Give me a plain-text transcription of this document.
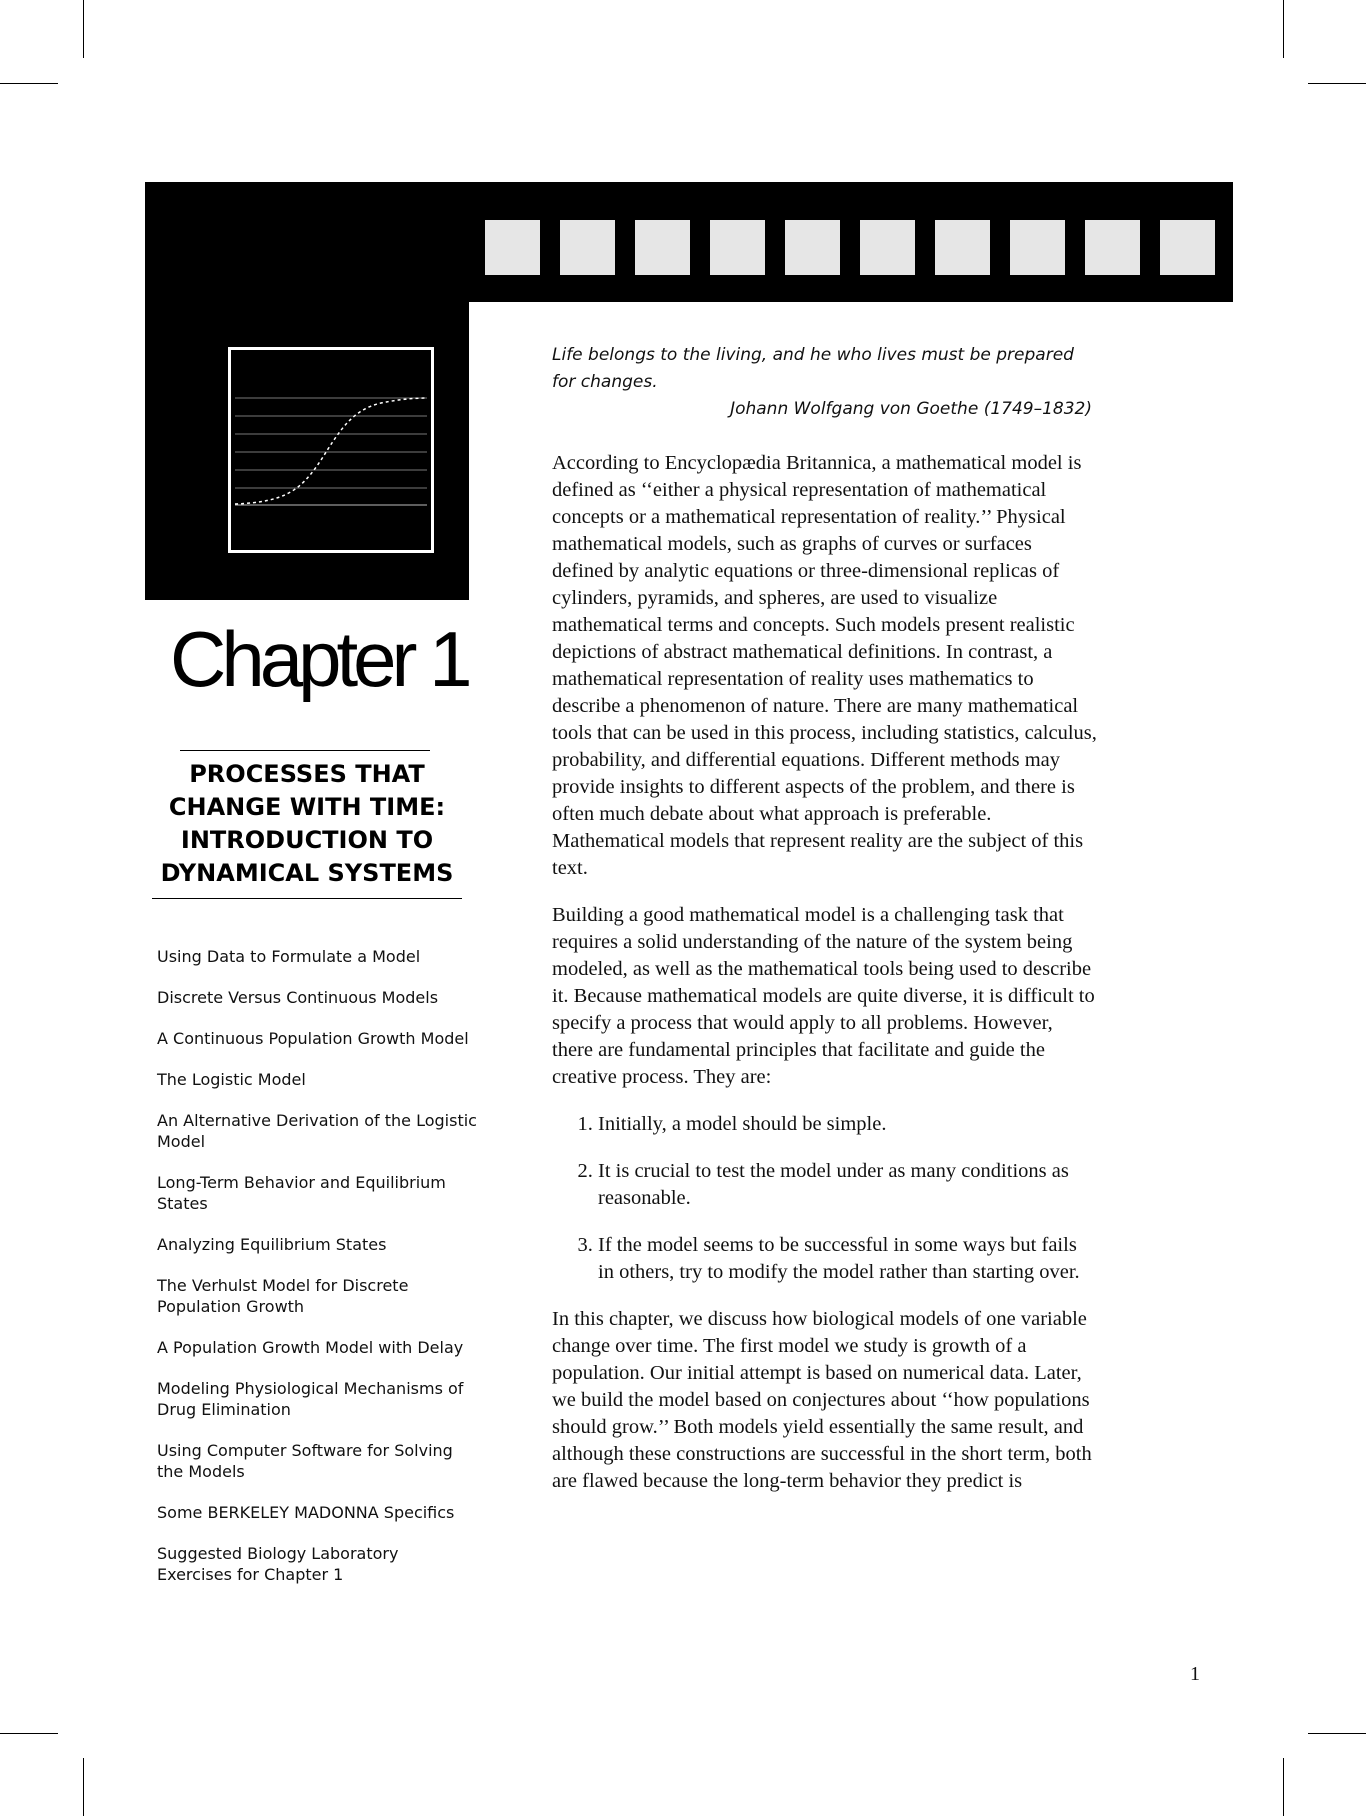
Chapter 1
PROCESSES THAT CHANGE WITH TIME: INTRODUCTION TO DYNAMICAL SYSTEMS
Using Data to Formulate a Model
Discrete Versus Continuous Models
A Continuous Population Growth Model
The Logistic Model
An Alternative Derivation of the Logistic Model
Long-Term Behavior and Equilibrium States
Analyzing Equilibrium States
The Verhulst Model for Discrete Population Growth
A Population Growth Model with Delay
Modeling Physiological Mechanisms of Drug Elimination
Using Computer Software for Solving the Models
Some BERKELEY MADONNA Specifics
Suggested Biology Laboratory Exercises for Chapter 1
Life belongs to the living, and he who lives must be prepared for changes.
Johann Wolfgang von Goethe (1749–1832)

According to Encyclopædia Britannica, a mathematical model is defined as ‘‘either a physical representation of mathematical concepts or a mathematical representation of reality.’’ Physical mathematical models, such as graphs of curves or surfaces defined by analytic equations or three-dimensional replicas of cylinders, pyramids, and spheres, are used to visualize mathematical terms and concepts. Such models present realistic depictions of abstract mathematical definitions. In contrast, a mathematical representation of reality uses mathematics to describe a phenomenon of nature. There are many mathematical tools that can be used in this process, including statistics, calculus, probability, and differential equations. Different methods may provide insights to different aspects of the problem, and there is often much debate about what approach is preferable. Mathematical models that represent reality are the subject of this text.

Building a good mathematical model is a challenging task that requires a solid understanding of the nature of the system being modeled, as well as the mathematical tools being used to describe it. Because mathematical models are quite diverse, it is difficult to specify a process that would apply to all problems. However, there are fundamental principles that facilitate and guide the creative process. They are:

1. Initially, a model should be simple.
2. It is crucial to test the model under as many conditions as reasonable.
3. If the model seems to be successful in some ways but fails in others, try to modify the model rather than starting over.

In this chapter, we discuss how biological models of one variable change over time. The first model we study is growth of a population. Our initial attempt is based on numerical data. Later, we build the model based on conjectures about ‘‘how populations should grow.’’ Both models yield essentially the same result, and although these constructions are successful in the short term, both are flawed because the long-term behavior they predict is

1
